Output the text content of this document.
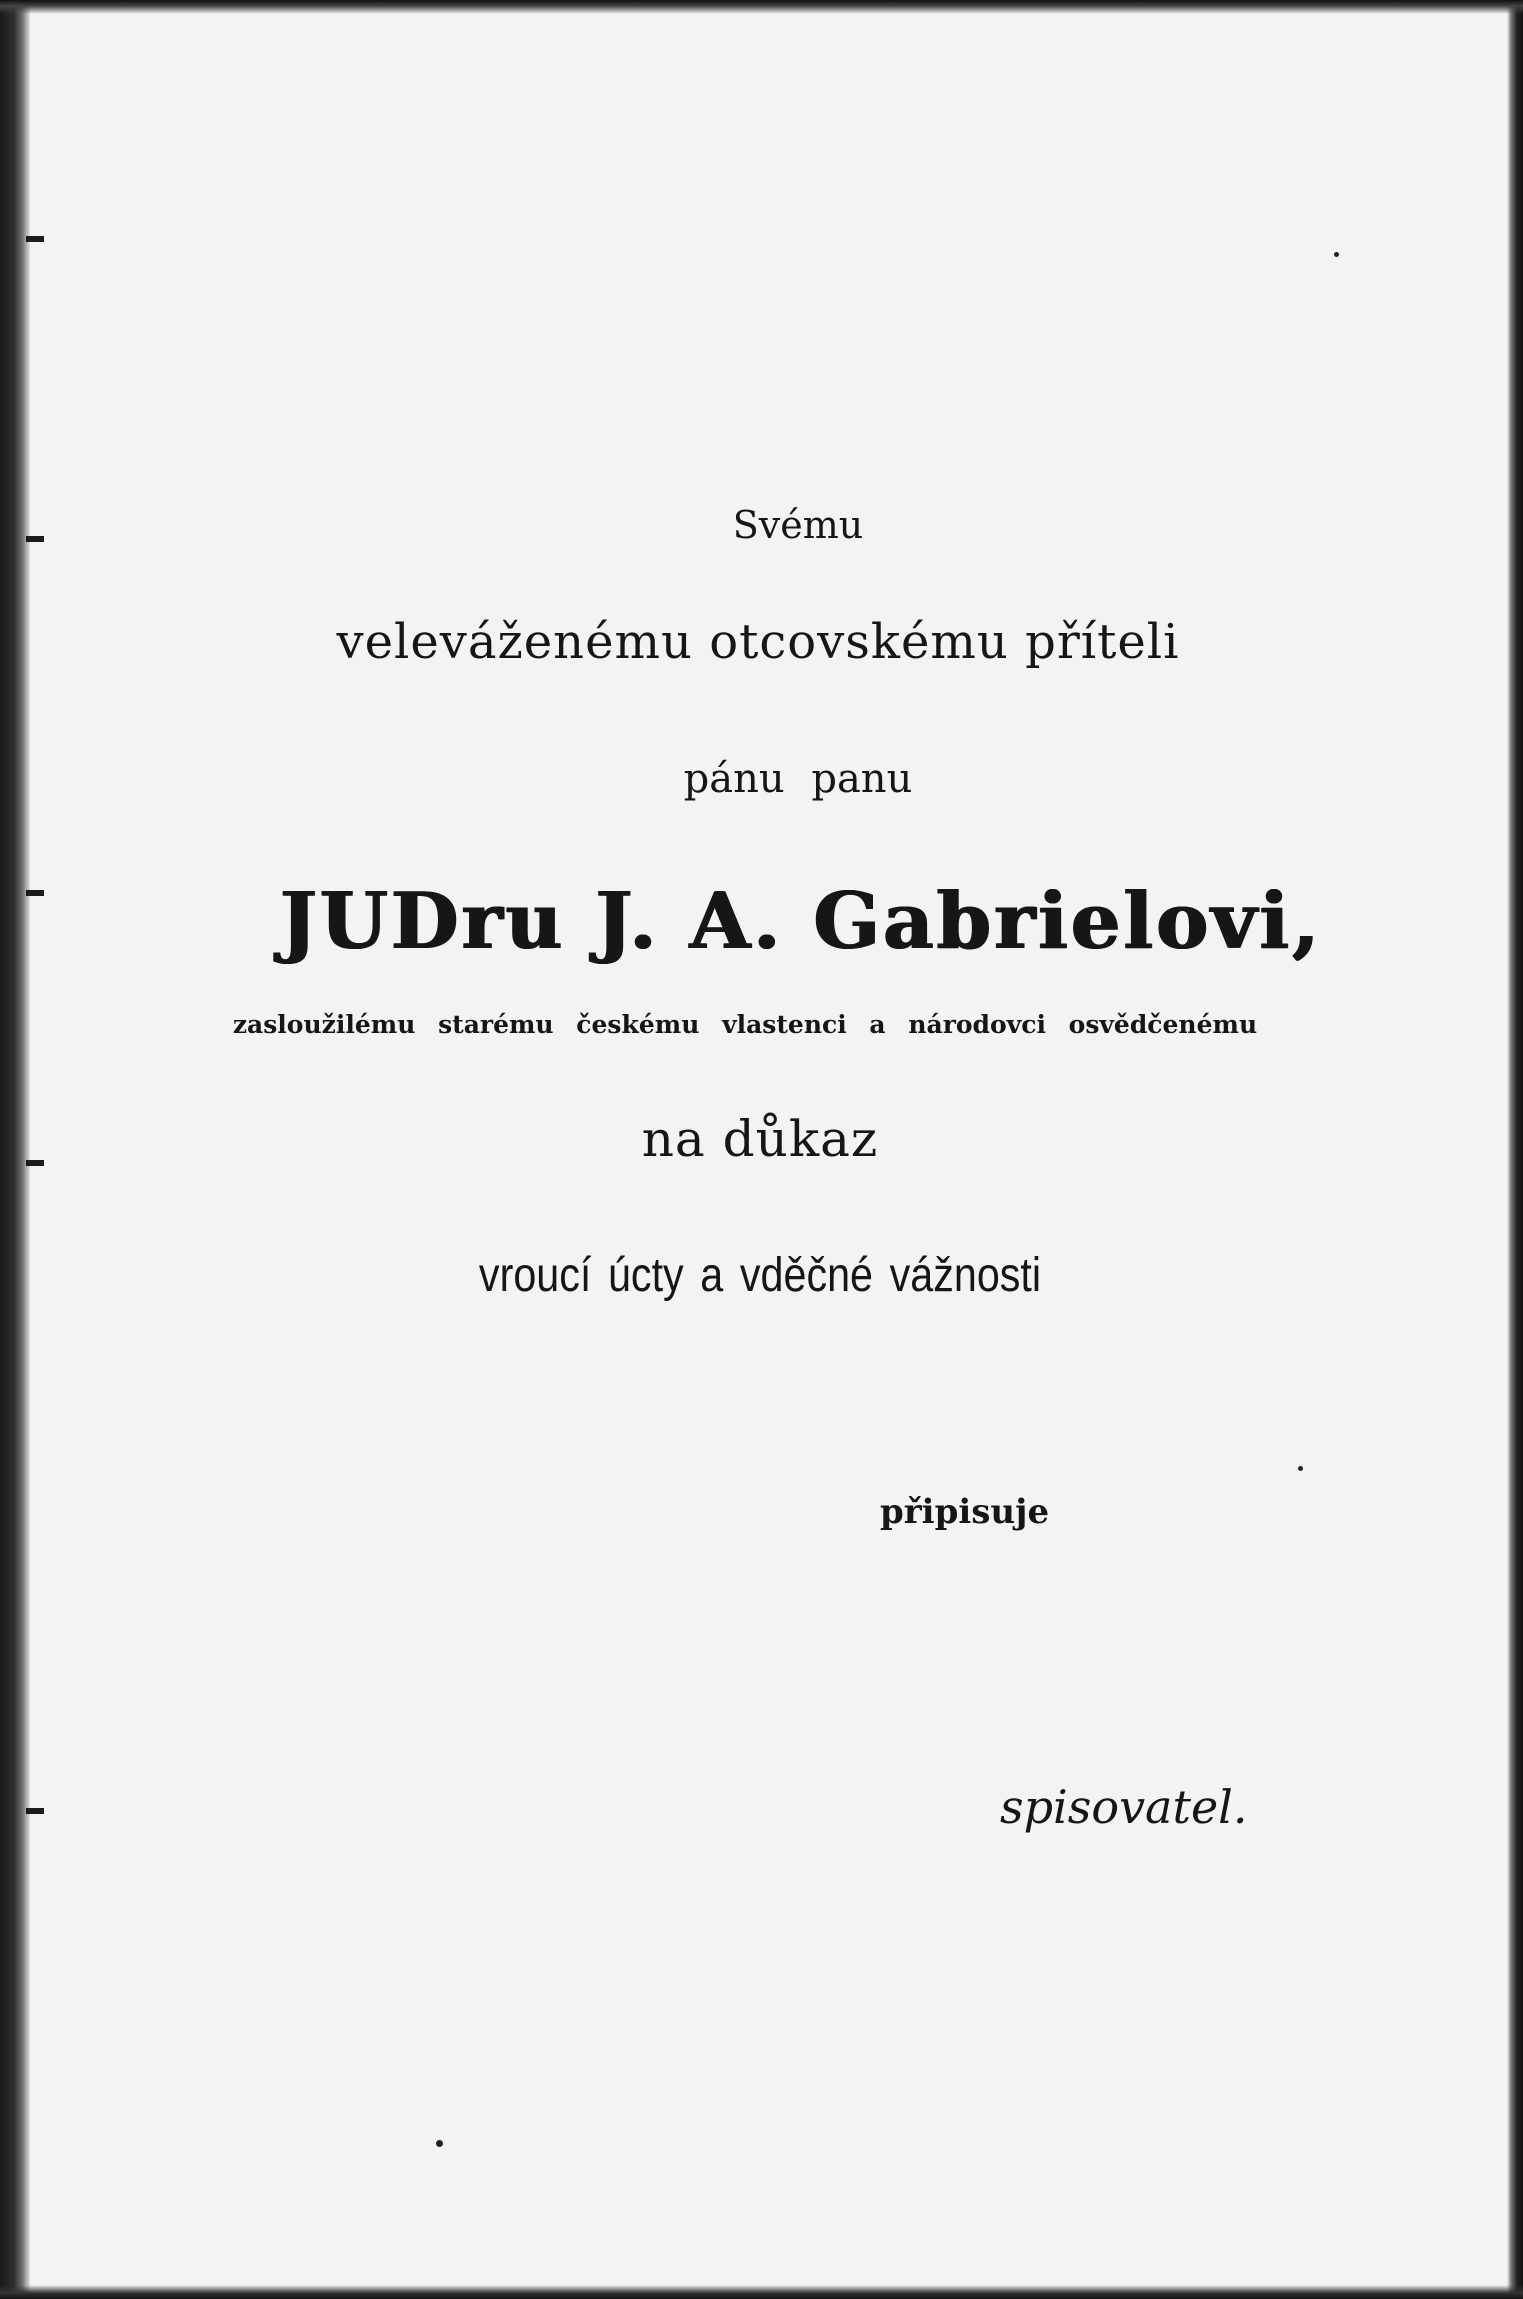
Svému
veleváženému otcovskému příteli
pánu panu
JUDru J. A. Gabrielovi,
zasloužilému starému českému vlastenci a národovci osvědčenému
na důkaz
vroucí úcty a vděčné vážnosti
připisuje
spisovatel.
